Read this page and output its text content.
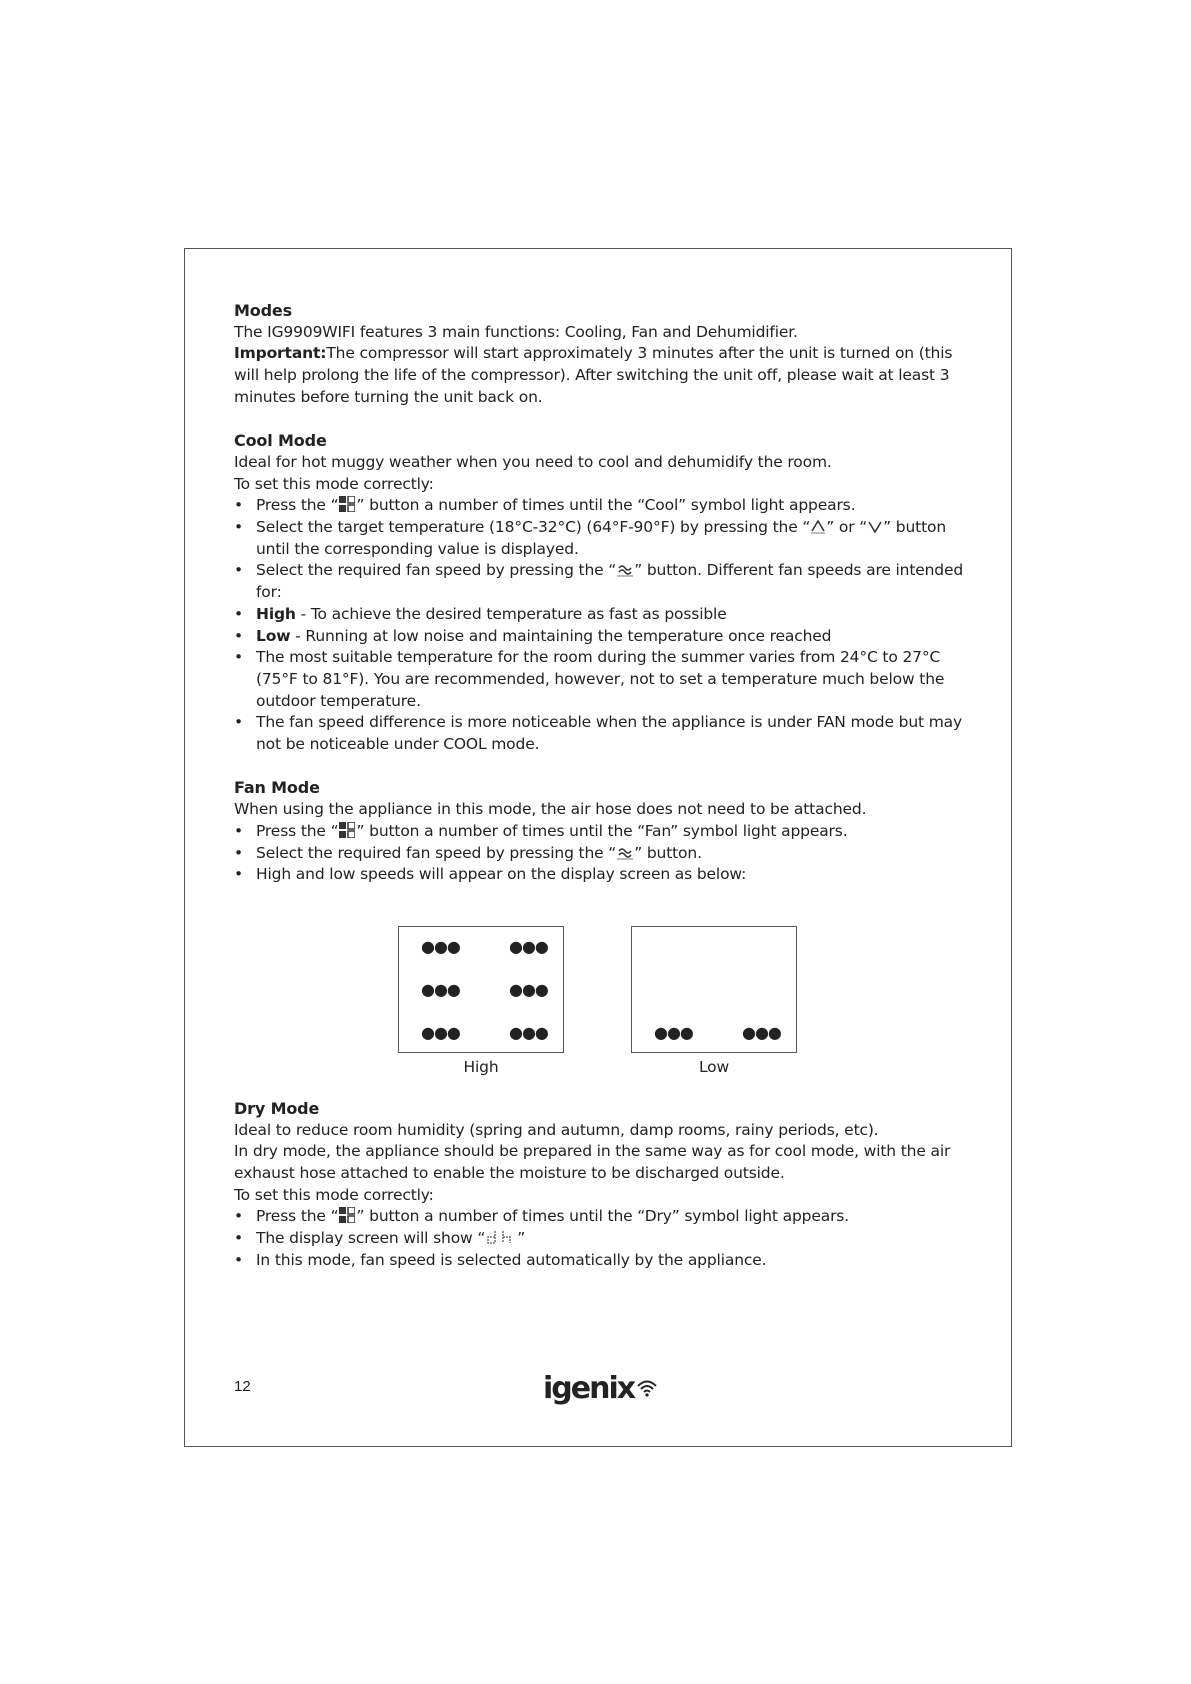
Modes

The IG9909WIFI features 3 main functions: Cooling, Fan and Dehumidifier.

Important:The compressor will start approximately 3 minutes after the unit is turned on (this will help prolong the life of the compressor). After switching the unit off, please wait at least 3 minutes before turning the unit back on.

Cool Mode

Ideal for hot muggy weather when you need to cool and dehumidify the room.

To set this mode correctly:

• Press the “ ” button a number of times until the “Cool” symbol light appears.
• Select the target temperature (18°C-32°C) (64°F-90°F) by pressing the “ ” or “ ” button until the corresponding value is displayed.
• Select the required fan speed by pressing the “ ” button. Different fan speeds are intended for:
• High - To achieve the desired temperature as fast as possible
• Low - Running at low noise and maintaining the temperature once reached
• The most suitable temperature for the room during the summer varies from 24°C to 27°C (75°F to 81°F). You are recommended, however, not to set a temperature much below the outdoor temperature.
• The fan speed difference is more noticeable when the appliance is under FAN mode but may not be noticeable under COOL mode.
Fan Mode

When using the appliance in this mode, the air hose does not need to be attached.

• Press the “ ” button a number of times until the “Fan” symbol light appears.
• Select the required fan speed by pressing the “ ” button.
• High and low speeds will appear on the display screen as below:
●●●	●●●
●●●	●●●
●●●	●●●	●●●	●●●
High	Low
Dry Mode

Ideal to reduce room humidity (spring and autumn, damp rooms, rainy periods, etc).

In dry mode, the appliance should be prepared in the same way as for cool mode, with the air exhaust hose attached to enable the moisture to be discharged outside.

To set this mode correctly:

• Press the “ ” button a number of times until the “Dry” symbol light appears.
• The display screen will show “ ”
• In this mode, fan speed is selected automatically by the appliance.
12	igenix
